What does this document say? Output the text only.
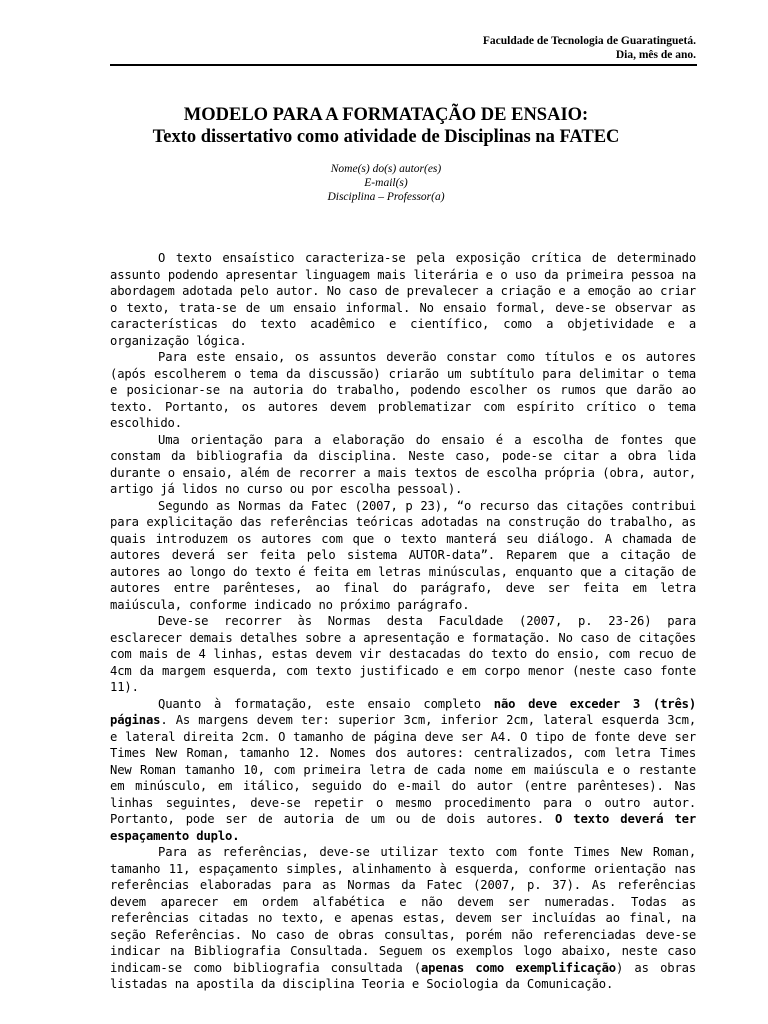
Faculdade de Tecnologia de Guaratinguetá.
Dia, mês de ano.
MODELO PARA A FORMATAÇÃO DE ENSAIO:
Texto dissertativo como atividade de Disciplinas na FATEC
Nome(s) do(s) autor(es)
E-mail(s)
Disciplina – Professor(a)

O texto ensaístico caracteriza-se pela exposição crítica de determinado assunto podendo apresentar linguagem mais literária e o uso da primeira pessoa na abordagem adotada pelo autor. No caso de prevalecer a criação e a emoção ao criar o texto, trata-se de um ensaio informal. No ensaio formal, deve-se observar as características do texto acadêmico e científico, como a objetividade e a organização lógica.

Para este ensaio, os assuntos deverão constar como títulos e os autores (após escolherem o tema da discussão) criarão um subtítulo para delimitar o tema e posicionar-se na autoria do trabalho, podendo escolher os rumos que darão ao texto. Portanto, os autores devem problematizar com espírito crítico o tema escolhido.

Uma orientação para a elaboração do ensaio é a escolha de fontes que constam da bibliografia da disciplina. Neste caso, pode-se citar a obra lida durante o ensaio, além de recorrer a mais textos de escolha própria (obra, autor, artigo já lidos no curso ou por escolha pessoal).

Segundo as Normas da Fatec (2007, p 23), “o recurso das citações contribui para explicitação das referências teóricas adotadas na construção do trabalho, as quais introduzem os autores com que o texto manterá seu diálogo. A chamada de autores deverá ser feita pelo sistema AUTOR-data”. Reparem que a citação de autores ao longo do texto é feita em letras minúsculas, enquanto que a citação de autores entre parênteses, ao final do parágrafo, deve ser feita em letra maiúscula, conforme indicado no próximo parágrafo.

Deve-se recorrer às Normas desta Faculdade (2007, p. 23-26) para esclarecer demais detalhes sobre a apresentação e formatação. No caso de citações com mais de 4 linhas, estas devem vir destacadas do texto do ensio, com recuo de 4cm da margem esquerda, com texto justificado e em corpo menor (neste caso fonte 11).

Quanto à formatação, este ensaio completo não deve exceder 3 (três) páginas. As margens devem ter: superior 3cm, inferior 2cm, lateral esquerda 3cm, e lateral direita 2cm. O tamanho de página deve ser A4. O tipo de fonte deve ser Times New Roman, tamanho 12. Nomes dos autores: centralizados, com letra Times New Roman tamanho 10, com primeira letra de cada nome em maiúscula e o restante em minúsculo, em itálico, seguido do e-mail do autor (entre parênteses). Nas linhas seguintes, deve-se repetir o mesmo procedimento para o outro autor. Portanto, pode ser de autoria de um ou de dois autores. O texto deverá ter espaçamento duplo.

Para as referências, deve-se utilizar texto com fonte Times New Roman, tamanho 11, espaçamento simples, alinhamento à esquerda, conforme orientação nas referências elaboradas para as Normas da Fatec (2007, p. 37). As referências devem aparecer em ordem alfabética e não devem ser numeradas. Todas as referências citadas no texto, e apenas estas, devem ser incluídas ao final, na seção Referências. No caso de obras consultas, porém não referenciadas deve-se indicar na Bibliografia Consultada. Seguem os exemplos logo abaixo, neste caso indicam-se como bibliografia consultada (apenas como exemplificação) as obras listadas na apostila da disciplina Teoria e Sociologia da Comunicação.
